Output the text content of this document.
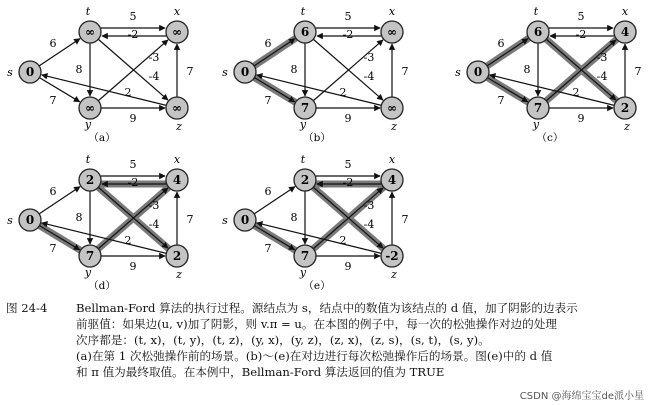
6
7
5
-2
8
-4
-3
9
2
7
0
s
∞
t
∞
x
∞
y
∞
z
（a）
6
7
5
-2
8
-4
-3
9
2
7
0
s
6
t
∞
x
7
y
∞
z
（b）
6
7
5
-2
8
-4
-3
9
2
7
0
s
6
t
4
x
7
y
2
z
（c）
6
7
5
-2
8
-4
-3
9
2
7
0
s
2
t
4
x
7
y
2
z
（d）
6
7
5
-2
8
-4
-3
9
2
7
0
s
2
t
4
x
7
y
-2
z
（e）
图 24-4 Bellman-Ford 算法的执行过程。源结点为 s，结点中的数值为该结点的 d 值，加了阴影的边表示
前驱值：如果边(u, v)加了阴影，则 v.π = u。在本图的例子中，每一次的松弛操作对边的处理
次序都是：(t, x)，(t, y)，(t, z)，(y, x)，(y, z)，(z, x)，(z, s)，(s, t)，(s, y)。
(a)在第 1 次松弛操作前的场景。(b)～(e)在对边进行每次松弛操作后的场景。图(e)中的 d 值
和 π 值为最终取值。在本例中，Bellman-Ford 算法返回的值为 TRUE
CSDN @海绵宝宝de派小星
